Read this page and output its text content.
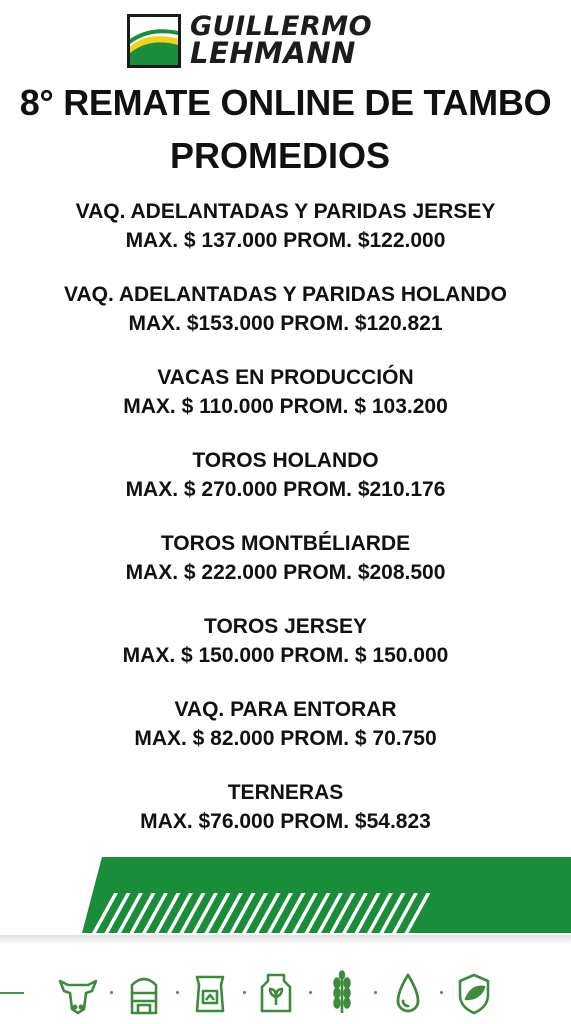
GUILLERMO
LEHMANN
8° REMATE ONLINE DE TAMBO
PROMEDIOS
VAQ. ADELANTADAS Y PARIDAS JERSEY
MAX. $ 137.000 PROM. $122.000
VAQ. ADELANTADAS Y PARIDAS HOLANDO
MAX. $153.000 PROM. $120.821
VACAS EN PRODUCCIÓN
MAX. $ 110.000 PROM. $ 103.200
TOROS HOLANDO
MAX. $ 270.000 PROM. $210.176
TOROS MONTBÉLIARDE
MAX. $ 222.000 PROM. $208.500
TOROS JERSEY
MAX. $ 150.000 PROM. $ 150.000
VAQ. PARA ENTORAR
MAX. $ 82.000 PROM. $ 70.750
TERNERAS
MAX. $76.000 PROM. $54.823
